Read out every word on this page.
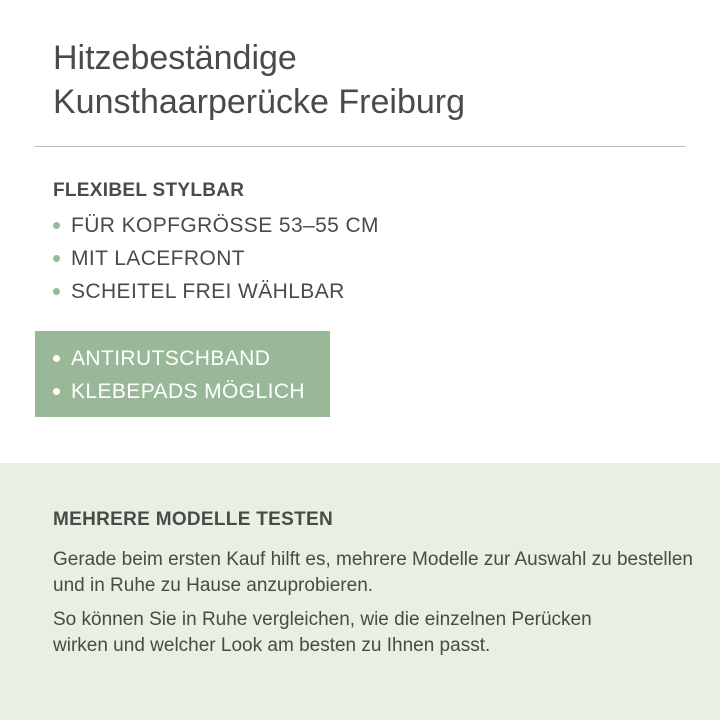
Hitzebeständige
Kunsthaarperücke Freiburg
FLEXIBEL STYLBAR
FÜR KOPFGRÖSSE 53–55 CM
MIT LACEFRONT
SCHEITEL FREI WÄHLBAR
ANTIRUTSCHBAND
KLEBEPADS MÖGLICH
MEHRERE MODELLE TESTEN

Gerade beim ersten Kauf hilft es, mehrere Modelle zur Auswahl zu bestellen und in Ruhe zu Hause anzuprobieren.

So können Sie in Ruhe vergleichen, wie die einzelnen Perücken wirken und welcher Look am besten zu Ihnen passt.
